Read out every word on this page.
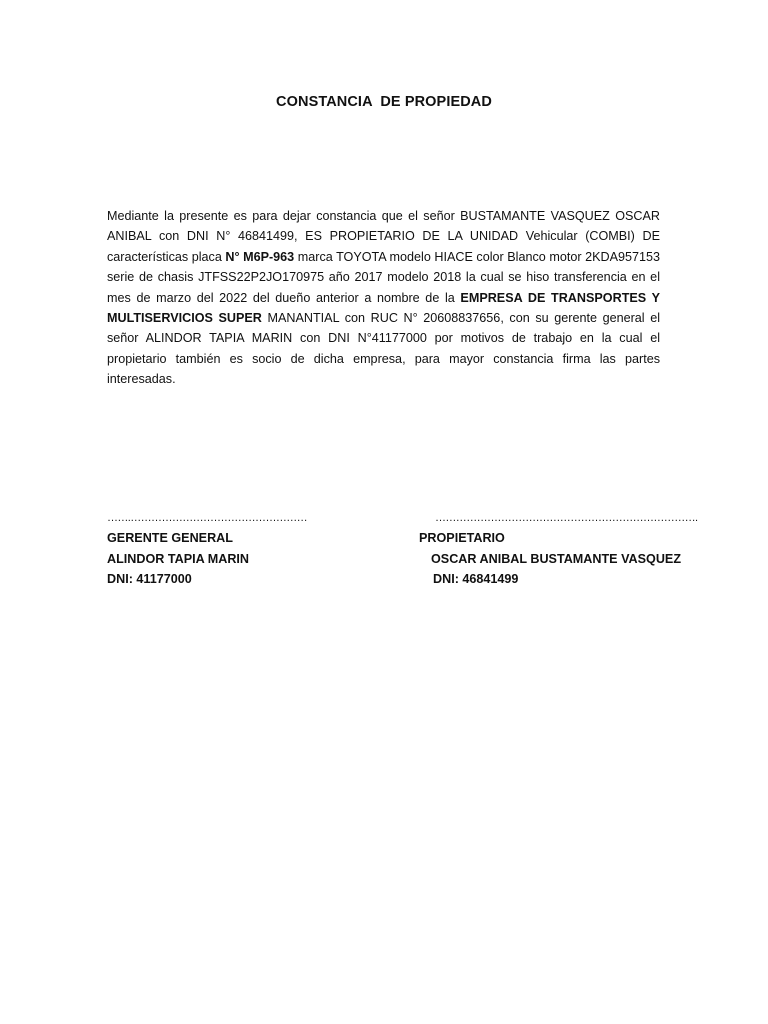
CONSTANCIA  DE PROPIEDAD

Mediante la presente es para dejar constancia que el señor BUSTAMANTE VASQUEZ OSCAR ANIBAL con DNI N° 46841499, ES PROPIETARIO DE LA UNIDAD Vehicular (COMBI) DE características placa N° M6P-963 marca TOYOTA modelo HIACE color Blanco motor 2KDA957153 serie de chasis JTFSS22P2JO170975 año 2017 modelo 2018 la cual se hiso transferencia en el mes de marzo del 2022 del dueño anterior a nombre de la EMPRESA DE TRANSPORTES Y MULTISERVICIOS SUPER MANANTIAL con RUC N° 20608837656, con su gerente general el señor ALINDOR TAPIA MARIN con DNI N°41177000 por motivos de trabajo en la cual el propietario también es socio de dicha empresa, para mayor constancia firma las partes interesadas.

…….……………………………………………
GERENTE GENERAL
ALINDOR TAPIA MARIN
DNI: 41177000
………………………………………………………………….
PROPIETARIO
OSCAR ANIBAL BUSTAMANTE VASQUEZ
DNI: 46841499
